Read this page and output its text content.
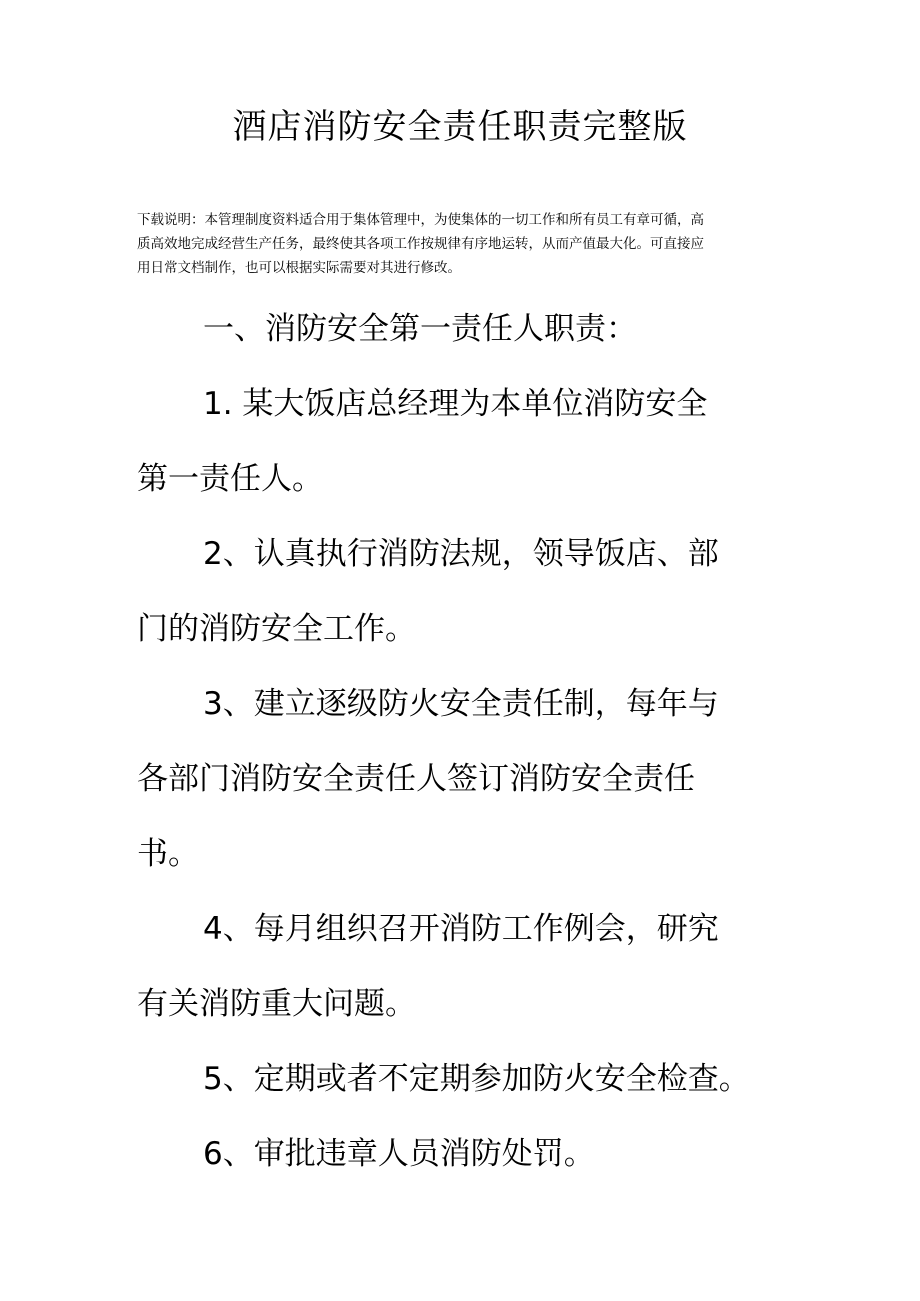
酒店消防安全责任职责完整版
下载说明：本管理制度资料适合用于集体管理中，为使集体的一切工作和所有员工有章可循，高
质高效地完成经营生产任务，最终使其各项工作按规律有序地运转，从而产值最大化。可直接应
用日常文档制作，也可以根据实际需要对其进行修改。
一、消防安全第一责任人职责：
1. 某大饭店总经理为本单位消防安全
第一责任人。
2、认真执行消防法规，领导饭店、部
门的消防安全工作。
3、建立逐级防火安全责任制，每年与
各部门消防安全责任人签订消防安全责任
书。
4、每月组织召开消防工作例会，研究
有关消防重大问题。
5、定期或者不定期参加防火安全检查。
6、审批违章人员消防处罚。
